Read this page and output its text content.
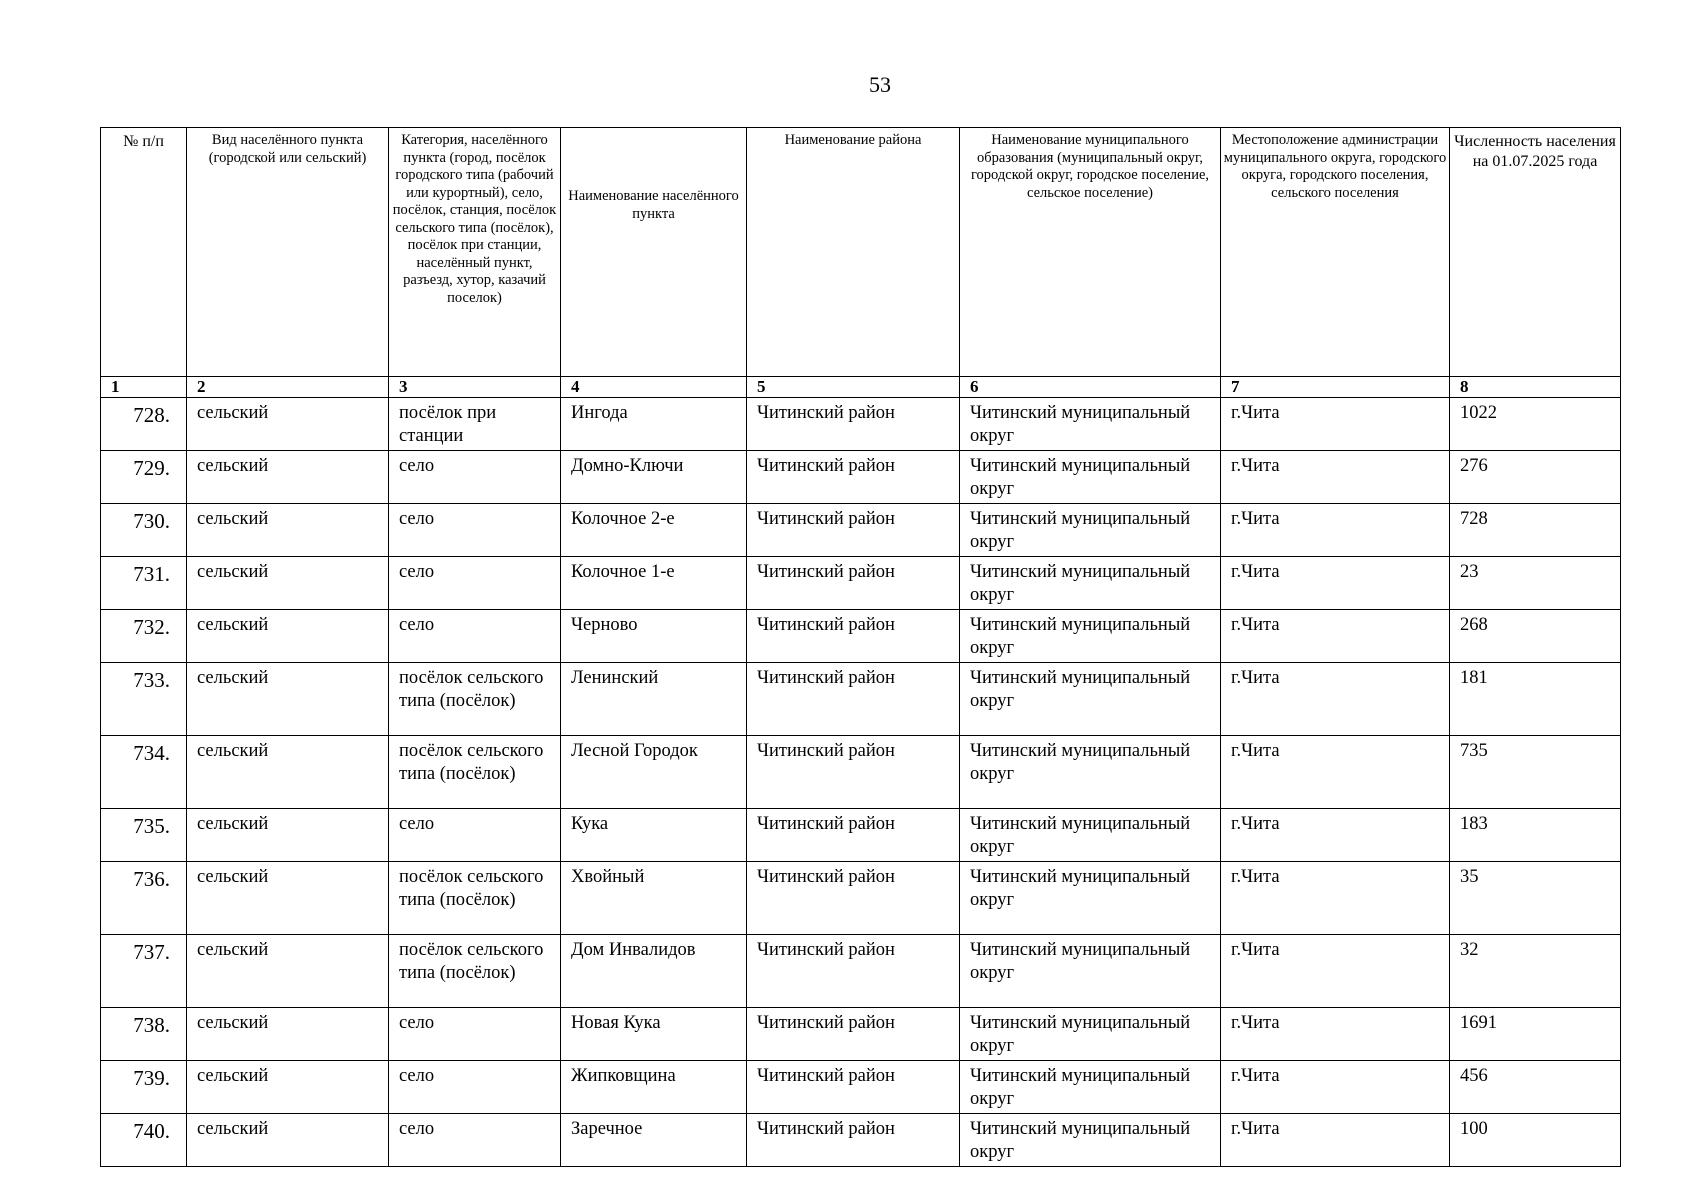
53
№ п/п	Вид населённого пункта (городской или сельский)	Категория, населённого пункта (город, посёлок городского типа (рабочий или курортный), село, посёлок, станция, посёлок сельского типа (посёлок), посёлок при станции, населённый пункт, разъезд, хутор, казачий поселок)	Наименование населённого пункта	Наименование района	Наименование муниципального образования (муниципальный округ, городской округ, городское поселение, сельское поселение)	Местоположение администрации муниципального округа, городского округа, городского поселения, сельского поселения	Численность населения на 01.07.2025 года
1	2	3	4	5	6	7	8
728.	сельский	посёлок при станции	Ингода	Читинский район	Читинский муниципальный округ	г.Чита	1022
729.	сельский	село	Домно-Ключи	Читинский район	Читинский муниципальный округ	г.Чита	276
730.	сельский	село	Колочное 2-е	Читинский район	Читинский муниципальный округ	г.Чита	728
731.	сельский	село	Колочное 1-е	Читинский район	Читинский муниципальный округ	г.Чита	23
732.	сельский	село	Черново	Читинский район	Читинский муниципальный округ	г.Чита	268
733.	сельский	посёлок сельского типа (посёлок)	Ленинский	Читинский район	Читинский муниципальный округ	г.Чита	181
734.	сельский	посёлок сельского типа (посёлок)	Лесной Городок	Читинский район	Читинский муниципальный округ	г.Чита	735
735.	сельский	село	Кука	Читинский район	Читинский муниципальный округ	г.Чита	183
736.	сельский	посёлок сельского типа (посёлок)	Хвойный	Читинский район	Читинский муниципальный округ	г.Чита	35
737.	сельский	посёлок сельского типа (посёлок)	Дом Инвалидов	Читинский район	Читинский муниципальный округ	г.Чита	32
738.	сельский	село	Новая Кука	Читинский район	Читинский муниципальный округ	г.Чита	1691
739.	сельский	село	Жипковщина	Читинский район	Читинский муниципальный округ	г.Чита	456
740.	сельский	село	Заречное	Читинский район	Читинский муниципальный округ	г.Чита	100
